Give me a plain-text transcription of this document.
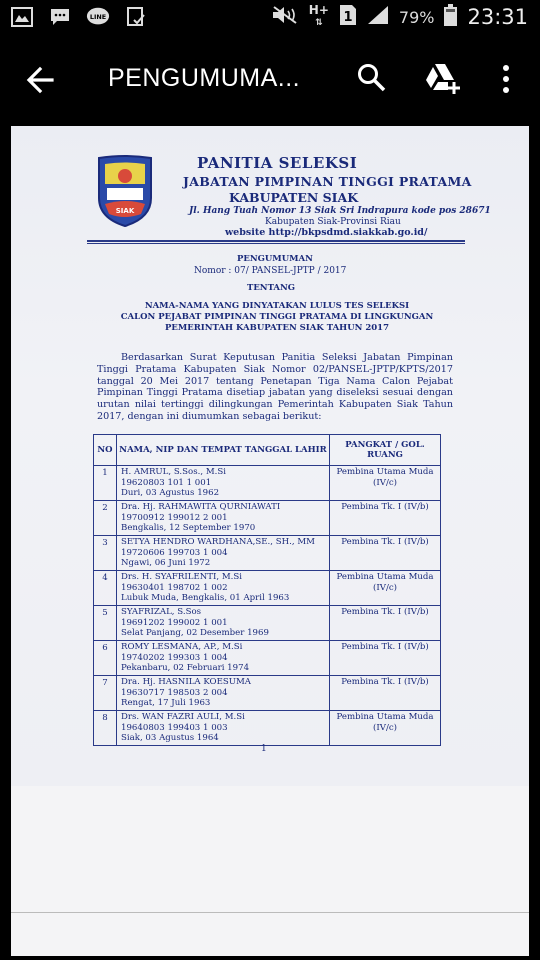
LINE	H+
⇅	1	79% 23:31
PENGUMUMA...
SIAK
PANITIA SELEKSI
JABATAN PIMPINAN TINGGI PRATAMA
KABUPATEN SIAK
Jl. Hang Tuah Nomor 13 Siak Sri Indrapura kode pos 28671
Kabupaten Siak-Provinsi Riau
website http://bkpsdmd.siakkab.go.id/
PENGUMUMAN
Nomor : 07/ PANSEL-JPTP / 2017
TENTANG
NAMA-NAMA YANG DINYATAKAN LULUS TES SELEKSI
CALON PEJABAT PIMPINAN TINGGI PRATAMA DI LINGKUNGAN
PEMERINTAH KABUPATEN SIAK TAHUN 2017
Berdasarkan Surat Keputusan Panitia Seleksi Jabatan Pimpinan Tinggi Pratama Kabupaten Siak Nomor 02/PANSEL-JPTP/KPTS/2017 tanggal 20 Mei 2017 tentang Penetapan Tiga Nama Calon Pejabat Pimpinan Tinggi Pratama disetiap jabatan yang diseleksi sesuai dengan urutan nilai tertinggi dilingkungan Pemerintah Kabupaten Siak Tahun 2017, dengan ini diumumkan sebagai berikut:
NO	NAMA, NIP DAN TEMPAT TANGGAL LAHIR	PANGKAT / GOL. RUANG
1	H. AMRUL, S.Sos., M.Si
19620803 101 1 001
Duri, 03 Agustus 1962	Pembina Utama Muda (IV/c)
2	Dra. Hj. RAHMAWITA QURNIAWATI
19700912 199012 2 001
Bengkalis, 12 September 1970	Pembina Tk. I (IV/b)
3	SETYA HENDRO WARDHANA,SE., SH., MM
19720606 199703 1 004
Ngawi, 06 Juni 1972	Pembina Tk. I (IV/b)
4	Drs. H. SYAFRILENTI, M.Si
19630401 198702 1 002
Lubuk Muda, Bengkalis, 01 April 1963	Pembina Utama Muda (IV/c)
5	SYAFRIZAL, S.Sos
19691202 199002 1 001
Selat Panjang, 02 Desember 1969	Pembina Tk. I (IV/b)
6	ROMY LESMANA, AP., M.Si
19740202 199303 1 004
Pekanbaru, 02 Februari 1974	Pembina Tk. I (IV/b)
7	Dra. Hj. HASNILA KOESUMA
19630717 198503 2 004
Rengat, 17 Juli 1963	Pembina Tk. I (IV/b)
8	Drs. WAN FAZRI AULI, M.Si
19640803 199403 1 003
Siak, 03 Agustus 1964	Pembina Utama Muda (IV/c)
1
